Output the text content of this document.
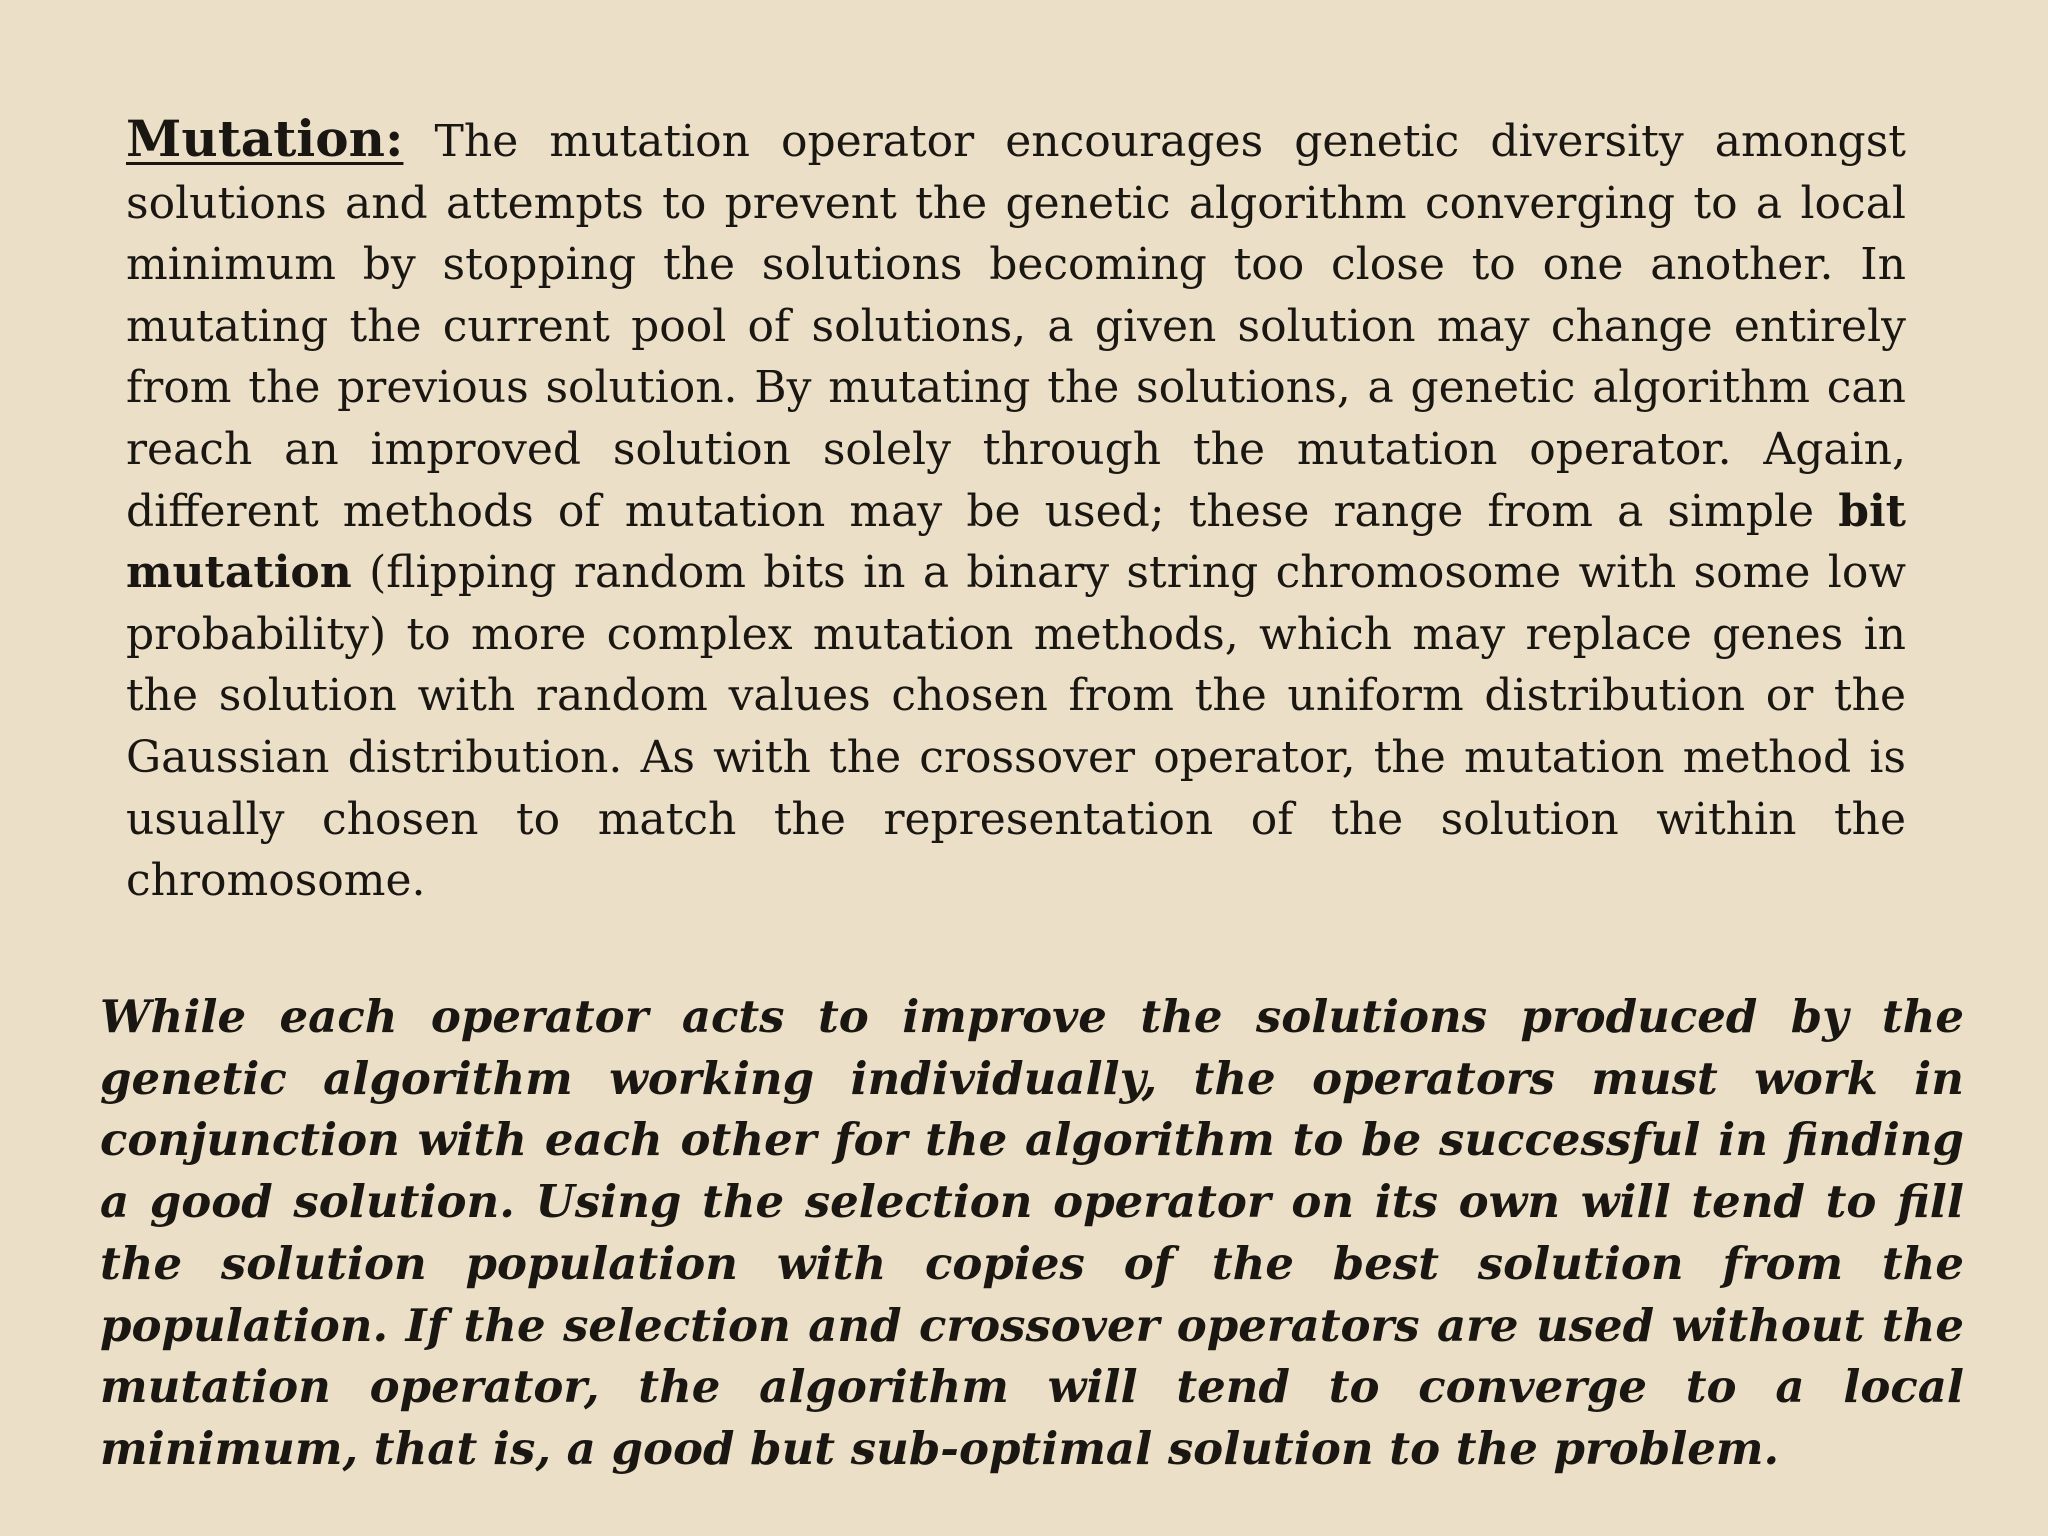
Mutation: The mutation operator encourages genetic diversity amongst solutions and attempts to prevent the genetic algorithm converging to a local minimum by stopping the solutions becoming too close to one another. In mutating the current pool of solutions, a given solution may change entirely from the previous solution. By mutating the solutions, a genetic algorithm can reach an improved solution solely through the mutation operator. Again, different methods of mutation may be used; these range from a simple bit mutation (flipping random bits in a binary string chromosome with some low probability) to more complex mutation methods, which may replace genes in the solution with random values chosen from the uniform distribution or the Gaussian distribution. As with the crossover operator, the mutation method is usually chosen to match the representation of the solution within the chromosome.

While each operator acts to improve the solutions produced by the genetic algorithm working individually, the operators must work in conjunction with each other for the algorithm to be successful in finding a good solution. Using the selection operator on its own will tend to fill the solution population with copies of the best solution from the population. If the selection and crossover operators are used without the mutation operator, the algorithm will tend to converge to a local minimum, that is, a good but sub-optimal solution to the problem.
